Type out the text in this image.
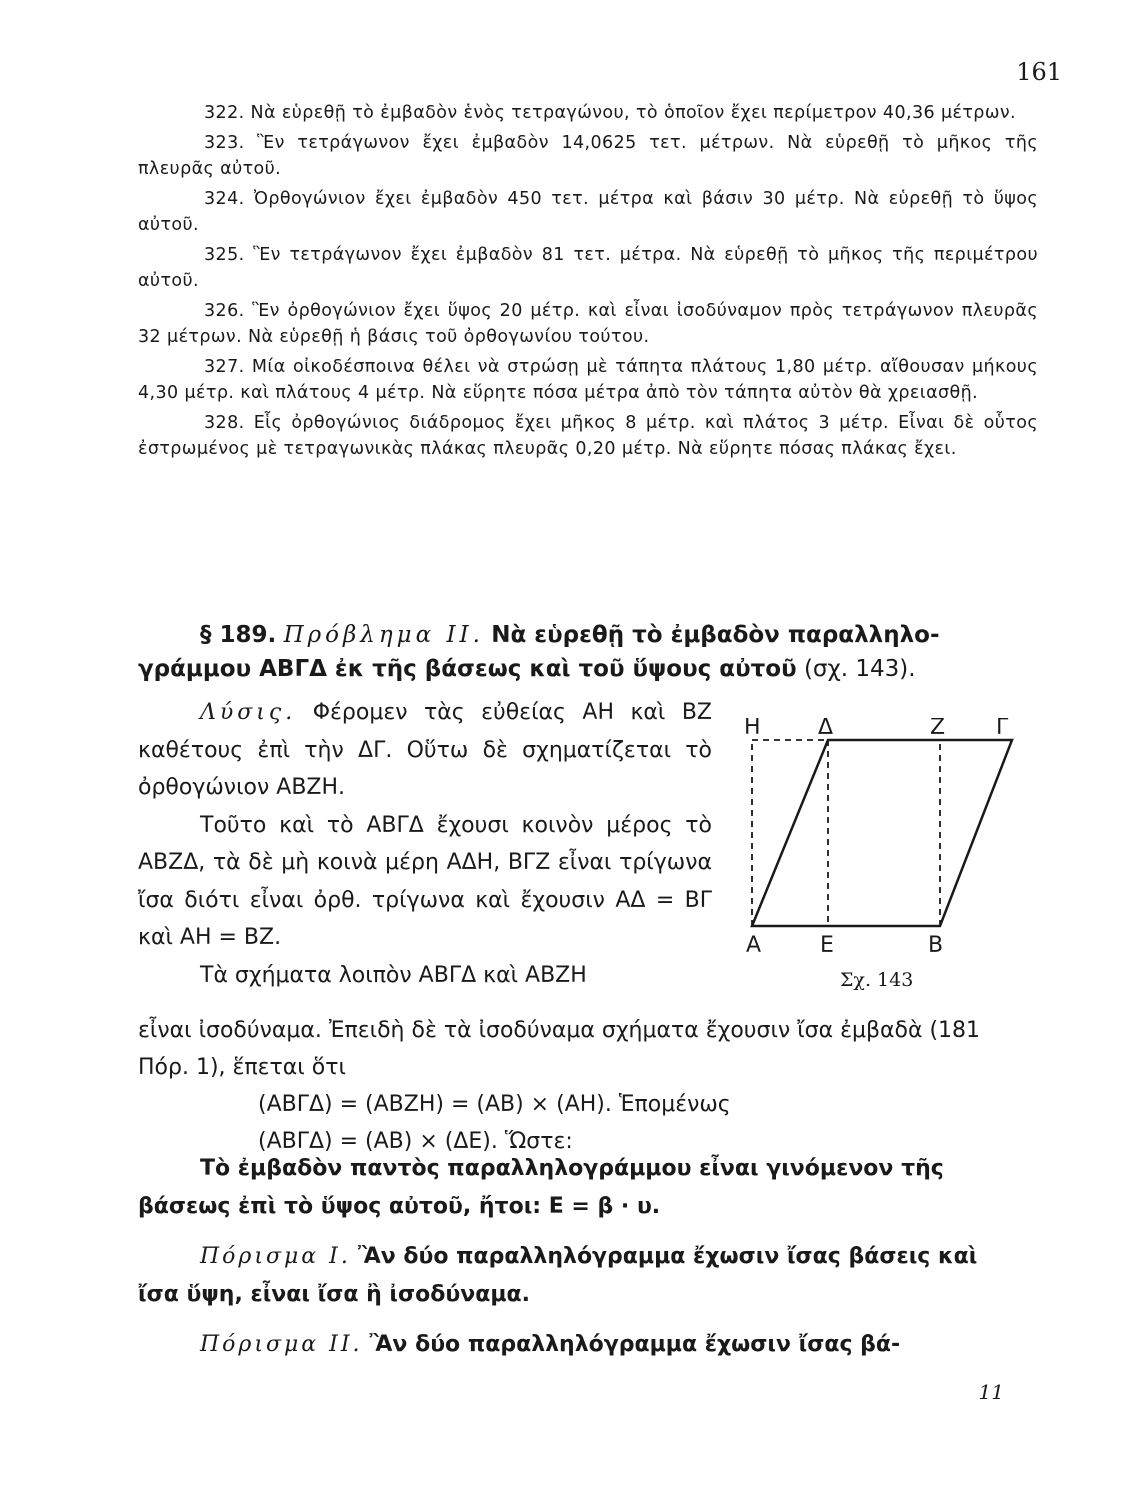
161

322. Νὰ εὑρεθῇ τὸ ἐμβαδὸν ἑνὸς τετραγώνου, τὸ ὁποῖον ἔχει περίμετρον 40,36 μέτρων.

323. Ἓν τετράγωνον ἔχει ἐμβαδὸν 14,0625 τετ. μέτρων. Νὰ εὑρεθῇ τὸ μῆκος τῆς πλευρᾶς αὐτοῦ.

324. Ὀρθογώνιον ἔχει ἐμβαδὸν 450 τετ. μέτρα καὶ βάσιν 30 μέτρ. Νὰ εὑρεθῇ τὸ ὕψος αὐτοῦ.

325. Ἓν τετράγωνον ἔχει ἐμβαδὸν 81 τετ. μέτρα. Νὰ εὑρεθῇ τὸ μῆκος τῆς περιμέτρου αὐτοῦ.

326. Ἓν ὀρθογώνιον ἔχει ὕψος 20 μέτρ. καὶ εἶναι ἰσοδύναμον πρὸς τετράγωνον πλευρᾶς 32 μέτρων. Νὰ εὑρεθῇ ἡ βάσις τοῦ ὀρθογωνίου τούτου.

327. Μία οἰκοδέσποινα θέλει νὰ στρώσῃ μὲ τάπητα πλάτους 1,80 μέτρ. αἴθουσαν μήκους 4,30 μέτρ. καὶ πλάτους 4 μέτρ. Νὰ εὕρητε πόσα μέτρα ἀπὸ τὸν τάπητα αὐτὸν θὰ χρειασθῇ.

328. Εἷς ὀρθογώνιος διάδρομος ἔχει μῆκος 8 μέτρ. καὶ πλάτος 3 μέτρ. Εἶναι δὲ οὗτος ἐστρωμένος μὲ τετραγωνικὰς πλάκας πλευρᾶς 0,20 μέτρ. Νὰ εὕρητε πόσας πλάκας ἔχει.

§ 189. Πρόβλημα ΙΙ. Νὰ εὑρεθῇ τὸ ἐμβαδὸν παραλληλο-
γράμμου ΑΒΓΔ ἐκ τῆς βάσεως καὶ τοῦ ὕψους αὐτοῦ (σχ. 143).

Λύσις. Φέρομεν τὰς εὐθείας ΑΗ καὶ ΒΖ καθέτους ἐπὶ τὴν ΔΓ. Οὕτω δὲ σχηματίζεται τὸ ὀρθογώνιον ΑΒΖΗ.

Τοῦτο καὶ τὸ ΑΒΓΔ ἔχουσι κοινὸν μέρος τὸ ΑΒΖΔ, τὰ δὲ μὴ κοινὰ μέρη ΑΔΗ, ΒΓΖ εἶναι τρίγωνα ἴσα διότι εἶναι ὀρθ. τρίγωνα καὶ ἔχουσιν ΑΔ = ΒΓ καὶ ΑΗ = ΒΖ.

Τὰ σχήματα λοιπὸν ΑΒΓΔ καὶ ΑΒΖΗ

Η	Δ	Ζ Γ
Α	Ε	Β
Σχ. 143

εἶναι ἰσοδύναμα. Ἐπειδὴ δὲ τὰ ἰσοδύναμα σχήματα ἔχουσιν ἴσα ἐμβαδὰ (181 Πόρ. 1), ἕπεται ὅτι

(ΑΒΓΔ) = (ΑΒΖΗ) = (ΑΒ) × (ΑΗ). Ἑπομένως

(ΑΒΓΔ) = (ΑΒ) × (ΔΕ). Ὥστε:

Τὸ ἐμβαδὸν παντὸς παραλληλογράμμου εἶναι γινόμενον τῆς βάσεως ἐπὶ τὸ ὕψος αὐτοῦ, ἤτοι: Ε = β · υ.

Πόρισμα Ι. Ἂν δύο παραλληλόγραμμα ἔχωσιν ἴσας βάσεις καὶ ἴσα ὕψη, εἶναι ἴσα ἢ ἰσοδύναμα.

Πόρισμα ΙΙ. Ἂν δύο παραλληλόγραμμα ἔχωσιν ἴσας βά-

11
